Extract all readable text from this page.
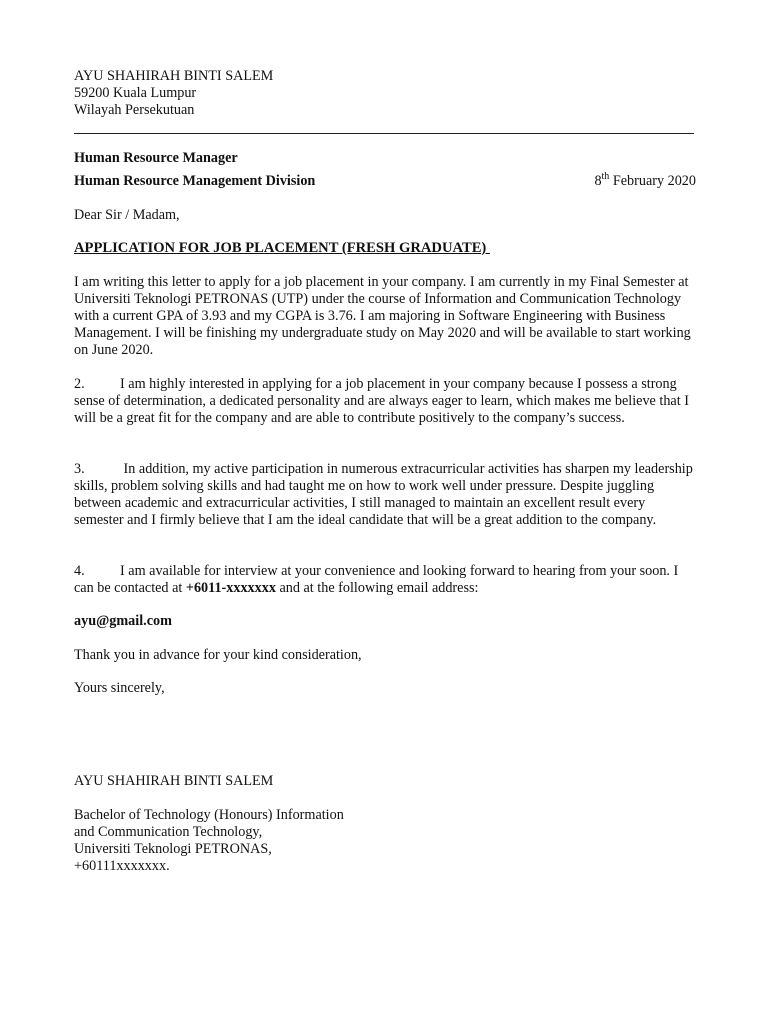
AYU SHAHIRAH BINTI SALEM
59200 Kuala Lumpur
Wilayah Persekutuan
Human Resource Manager
Human Resource Management Division	8th February 2020
Dear Sir / Madam,
APPLICATION FOR JOB PLACEMENT (FRESH GRADUATE)

I am writing this letter to apply for a job placement in your company. I am currently in my Final Semester at Universiti Teknologi PETRONAS (UTP) under the course of Information and Communication Technology with a current GPA of 3.93 and my CGPA is 3.76. I am majoring in Software Engineering with Business Management. I will be finishing my undergraduate study on May 2020 and will be available to start working on June 2020.

2. I am highly interested in applying for a job placement in your company because I possess a strong sense of determination, a dedicated personality and are always eager to learn, which makes me believe that I will be a great fit for the company and are able to contribute positively to the company’s success.

3. In addition, my active participation in numerous extracurricular activities has sharpen my leadership skills, problem solving skills and had taught me on how to work well under pressure. Despite juggling between academic and extracurricular activities, I still managed to maintain an excellent result every semester and I firmly believe that I am the ideal candidate that will be a great addition to the company.

4. I am available for interview at your convenience and looking forward to hearing from your soon. I can be contacted at +6011-xxxxxxx and at the following email address:

ayu@gmail.com
Thank you in advance for your kind consideration,
Yours sincerely,
AYU SHAHIRAH BINTI SALEM
Bachelor of Technology (Honours) Information
and Communication Technology,
Universiti Teknologi PETRONAS,
+60111xxxxxxx.
